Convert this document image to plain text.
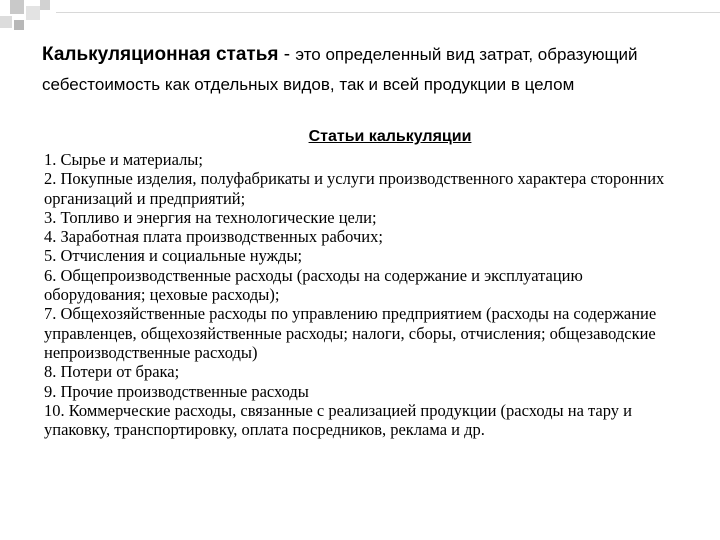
Калькуляционная статья - это определенный вид затрат, образующий себестоимость как отдельных видов, так и всей продукции в целом
Статьи калькуляции
1. Сырье и материалы;
2. Покупные изделия, полуфабрикаты и услуги производственного характера сторонних организаций и предприятий;
3. Топливо и энергия на технологические цели;
4. Заработная плата производственных рабочих;
5. Отчисления и социальные нужды;
6. Общепроизводственные расходы (расходы на содержание и эксплуатацию оборудования; цеховые расходы);
7. Общехозяйственные расходы по управлению предприятием (расходы на содержание управленцев, общехозяйственные расходы; налоги, сборы, отчисления; общезаводские непроизводственные расходы)
8. Потери от брака;
9. Прочие производственные расходы
10. Коммерческие расходы, связанные с реализацией продукции (расходы на тару и упаковку, транспортировку, оплата посредников, реклама и др.
